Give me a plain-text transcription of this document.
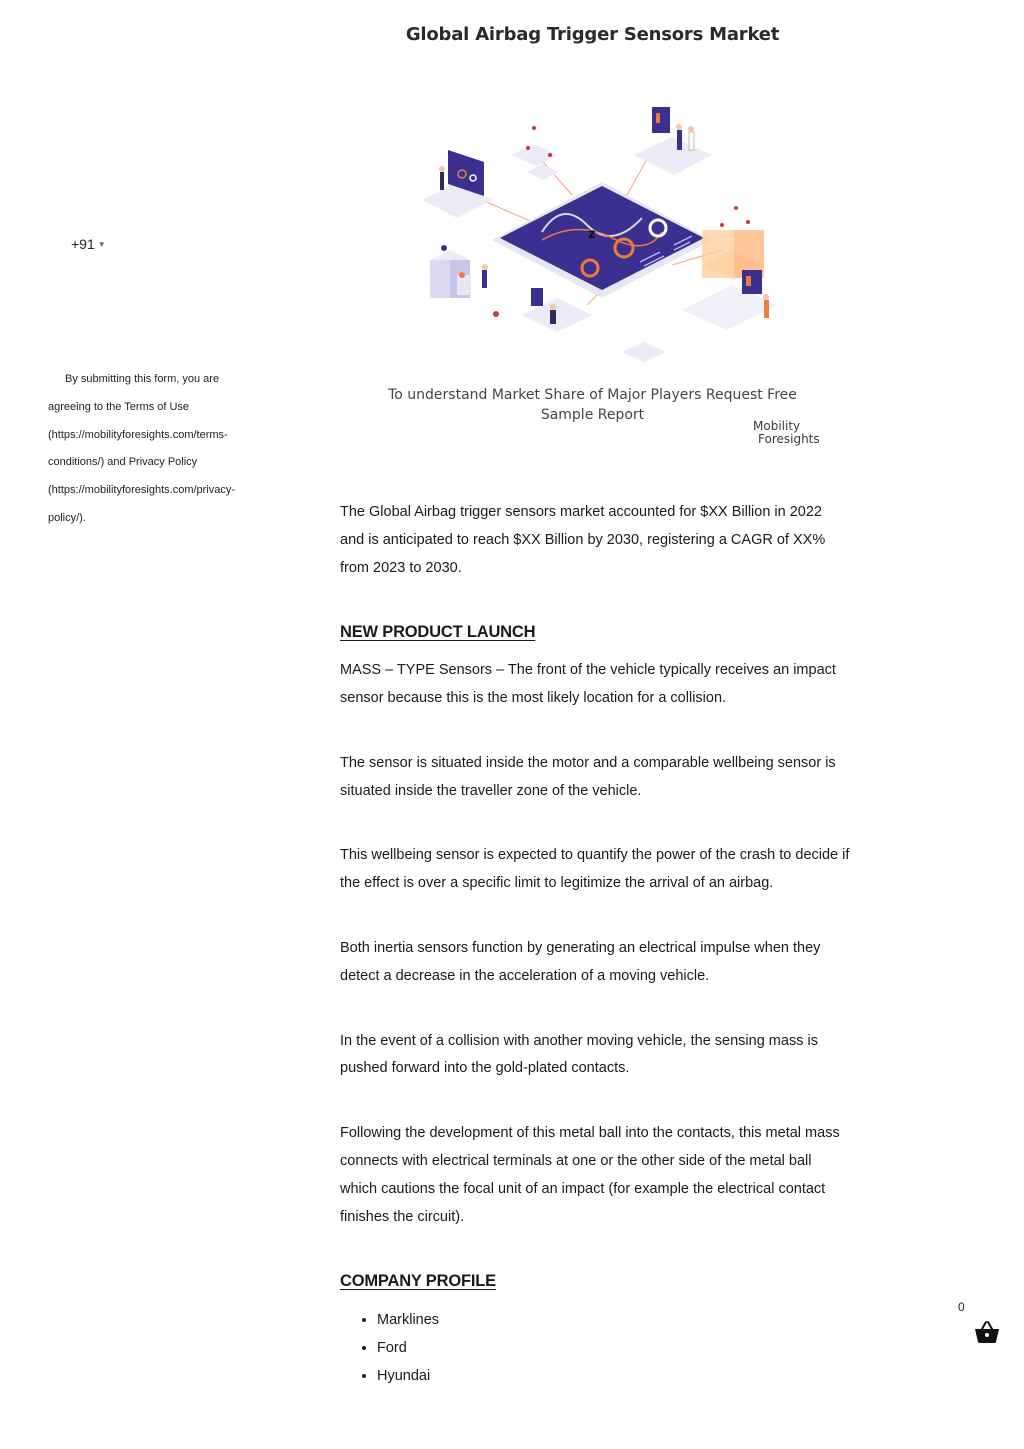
+91 ▼
By submitting this form, you are agreeing to the Terms of Use (https://mobilityforesights.com/terms-conditions/) and Privacy Policy (https://mobilityforesights.com/privacy-policy/).
Global Airbag Trigger Sensors Market
z
To understand Market Share of Major Players Request Free Sample Report
Mobility
Foresights

The Global Airbag trigger sensors market accounted for $XX Billion in 2022 and is anticipated to reach $XX Billion by 2030, registering a CAGR of XX% from 2023 to 2030.

NEW PRODUCT LAUNCH

MASS – TYPE Sensors – The front of the vehicle typically receives an impact sensor because this is the most likely location for a collision.

The sensor is situated inside the motor and a comparable wellbeing sensor is situated inside the traveller zone of the vehicle.

This wellbeing sensor is expected to quantify the power of the crash to decide if the effect is over a specific limit to legitimize the arrival of an airbag.

Both inertia sensors function by generating an electrical impulse when they detect a decrease in the acceleration of a moving vehicle.

In the event of a collision with another moving vehicle, the sensing mass is pushed forward into the gold-plated contacts.

Following the development of this metal ball into the contacts, this metal mass connects with electrical terminals at one or the other side of the metal ball which cautions the focal unit of an impact (for example the electrical contact finishes the circuit).

COMPANY PROFILE
• Marklines
• Ford
• Hyundai
0
